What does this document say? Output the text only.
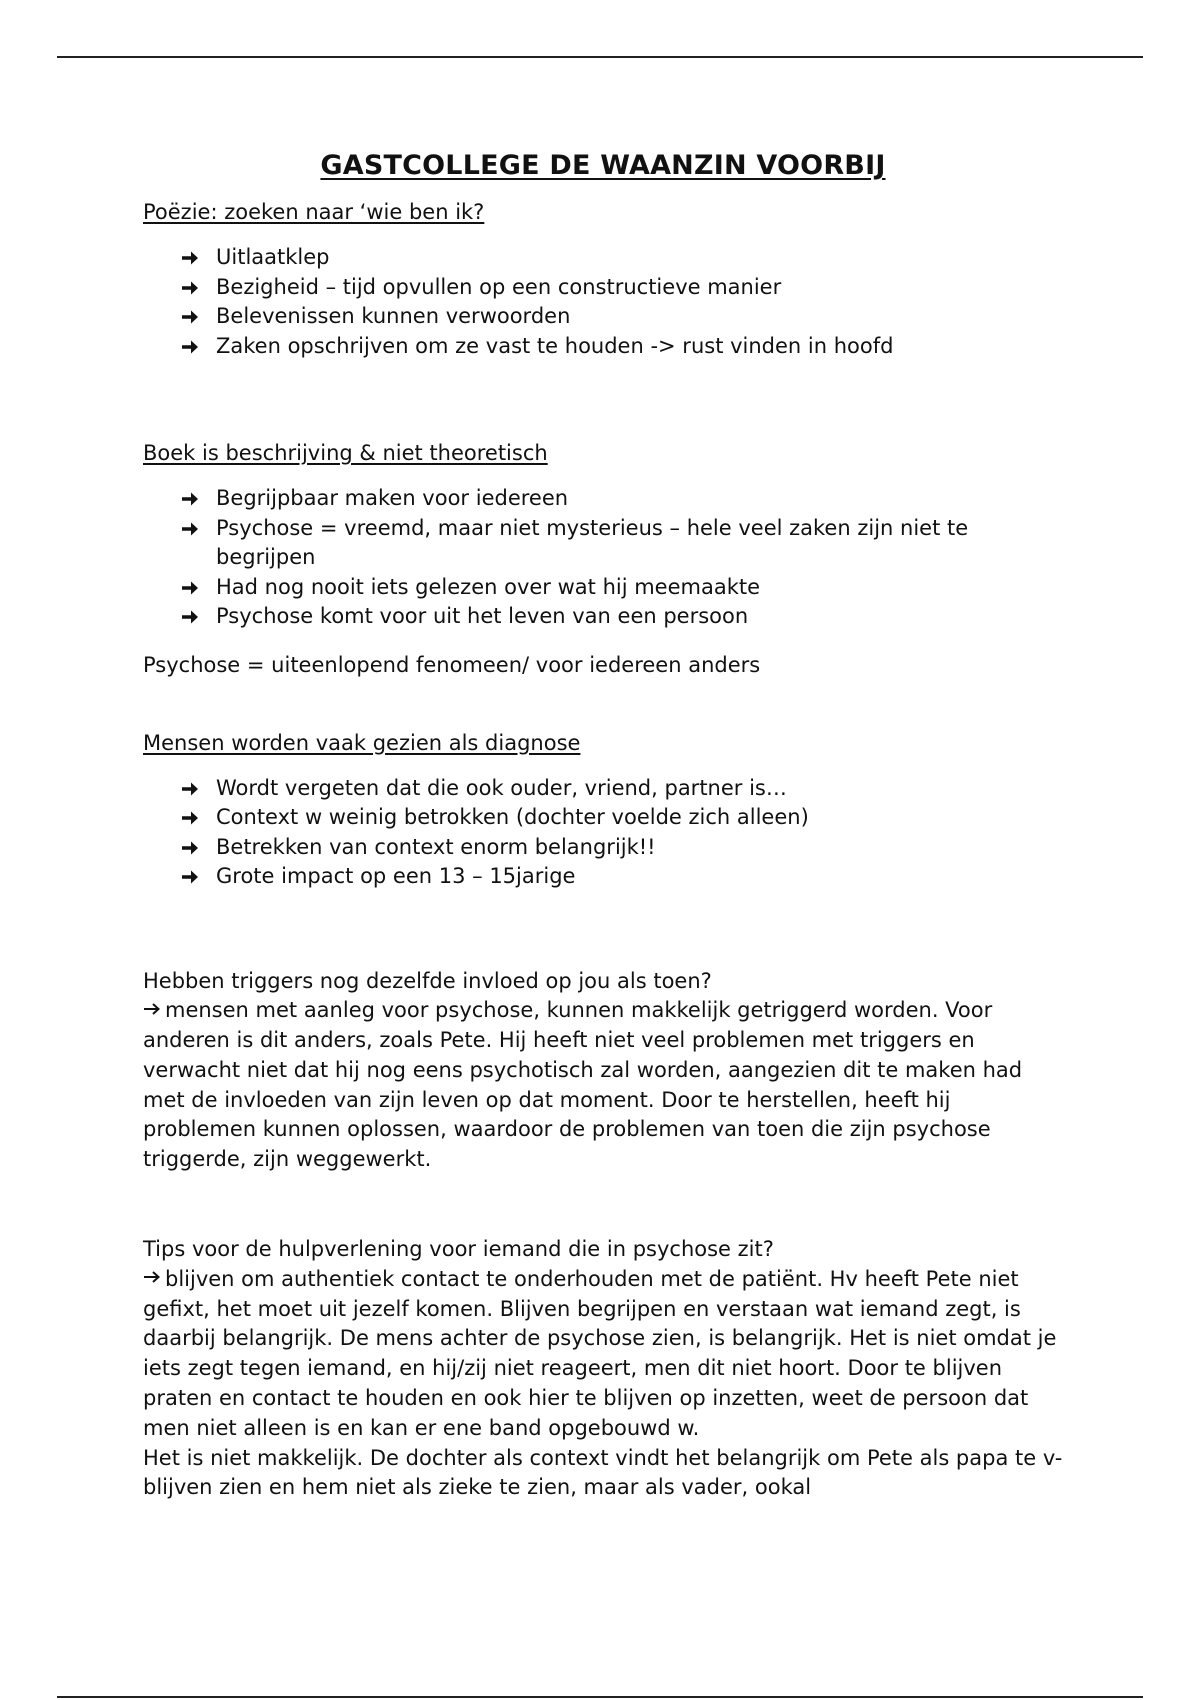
GASTCOLLEGE DE WAANZIN VOORBIJ
Poëzie: zoeken naar ‘wie ben ik?
Uitlaatklep
Bezigheid – tijd opvullen op een constructieve manier
Belevenissen kunnen verwoorden
Zaken opschrijven om ze vast te houden -> rust vinden in hoofd
Boek is beschrijving & niet theoretisch
Begrijpbaar maken voor iedereen
Psychose = vreemd, maar niet mysterieus – hele veel zaken zijn niet te begrijpen
Had nog nooit iets gelezen over wat hij meemaakte
Psychose komt voor uit het leven van een persoon
Psychose = uiteenlopend fenomeen/ voor iedereen anders
Mensen worden vaak gezien als diagnose
Wordt vergeten dat die ook ouder, vriend, partner is…
Context w weinig betrokken (dochter voelde zich alleen)
Betrekken van context enorm belangrijk!!
Grote impact op een 13 – 15jarige
Hebben triggers nog dezelfde invloed op jou als toen?
mensen met aanleg voor psychose, kunnen makkelijk getriggerd worden. Voor anderen is dit anders, zoals Pete. Hij heeft niet veel problemen met triggers en verwacht niet dat hij nog eens psychotisch zal worden, aangezien dit te maken had met de invloeden van zijn leven op dat moment. Door te herstellen, heeft hij problemen kunnen oplossen, waardoor de problemen van toen die zijn psychose triggerde, zijn weggewerkt.
Tips voor de hulpverlening voor iemand die in psychose zit?
blijven om authentiek contact te onderhouden met de patiënt. Hv heeft Pete niet gefixt, het moet uit jezelf komen. Blijven begrijpen en verstaan wat iemand zegt, is daarbij belangrijk. De mens achter de psychose zien, is belangrijk. Het is niet omdat je iets zegt tegen iemand, en hij/zij niet reageert, men dit niet hoort. Door te blijven praten en contact te houden en ook hier te blijven op inzetten, weet de persoon dat men niet alleen is en kan er ene band opgebouwd w.
Het is niet makkelijk. De dochter als context vindt het belangrijk om Pete als papa te v-blijven zien en hem niet als zieke te zien, maar als vader, ookal
